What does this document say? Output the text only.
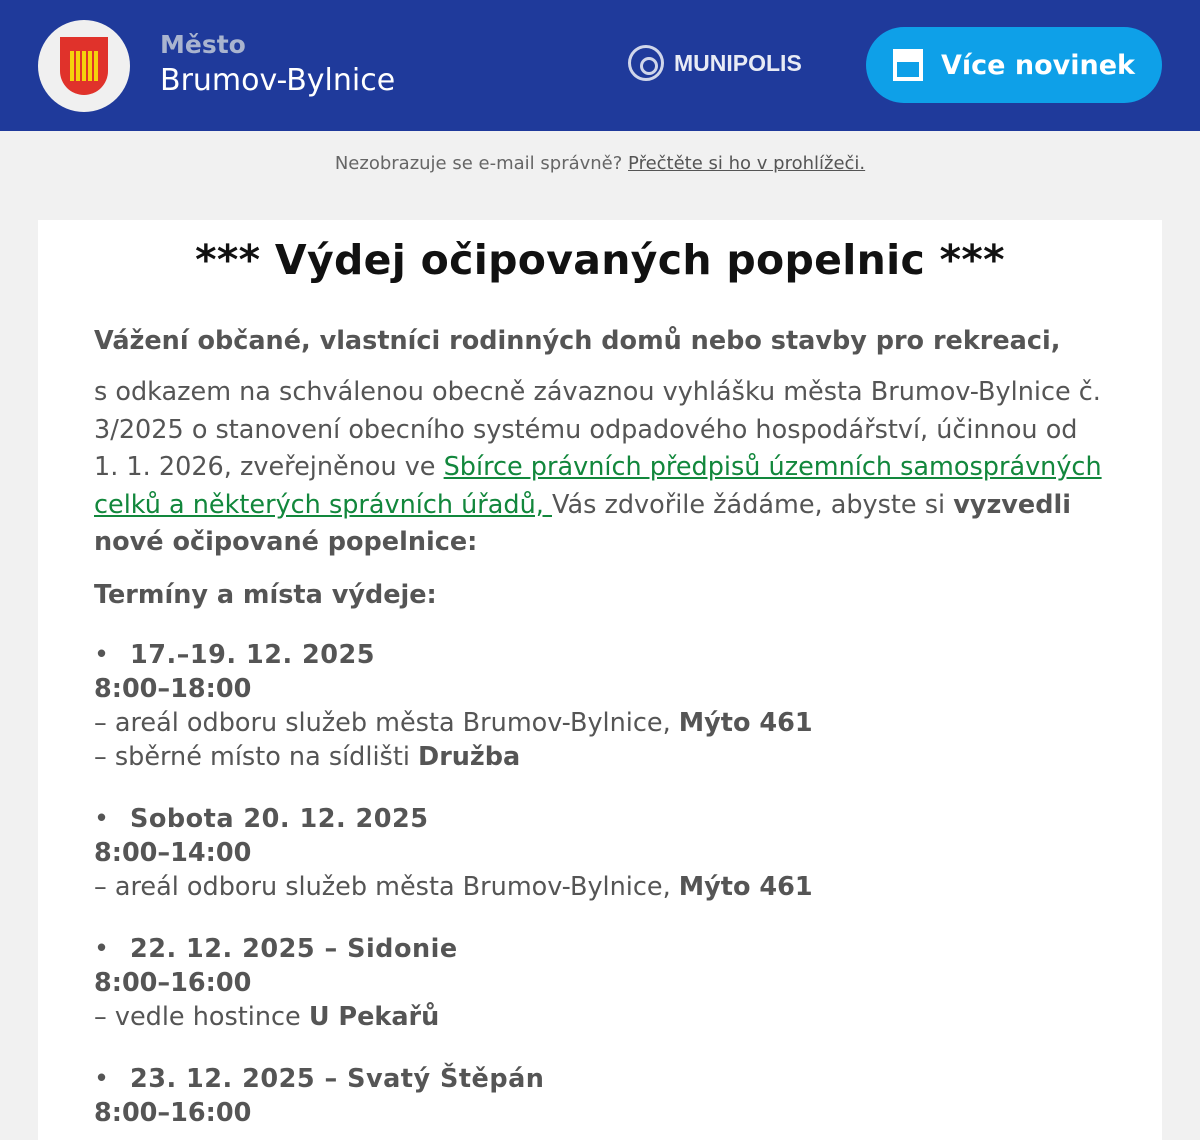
Město
Brumov-Bylnice
MUNIPOLIS	Více novinek
Nezobrazuje se e-mail správně? Přečtěte si ho v prohlížeči.
*** Výdej očipovaných popelnic ***
Vážení občané, vlastníci rodinných domů nebo stavby pro rekreaci,
s odkazem na schválenou obecně závaznou vyhlášku města Brumov-Bylnice č. 3/2025 o stanovení obecního systému odpadového hospodářství, účinnou od 1. 1. 2026, zveřejněnou ve Sbírce právních předpisů územních samosprávných celků a některých správních úřadů, Vás zdvořile žádáme, abyste si vyzvedli nové očipované popelnice:
Termíny a místa výdeje:
• 17.–19. 12. 2025
8:00–18:00
– areál odboru služeb města Brumov-Bylnice, Mýto 461
– sběrné místo na sídlišti Družba
• Sobota 20. 12. 2025
8:00–14:00
– areál odboru služeb města Brumov-Bylnice, Mýto 461
• 22. 12. 2025 – Sidonie
8:00–16:00
– vedle hostince U Pekařů
• 23. 12. 2025 – Svatý Štěpán
8:00–16:00
